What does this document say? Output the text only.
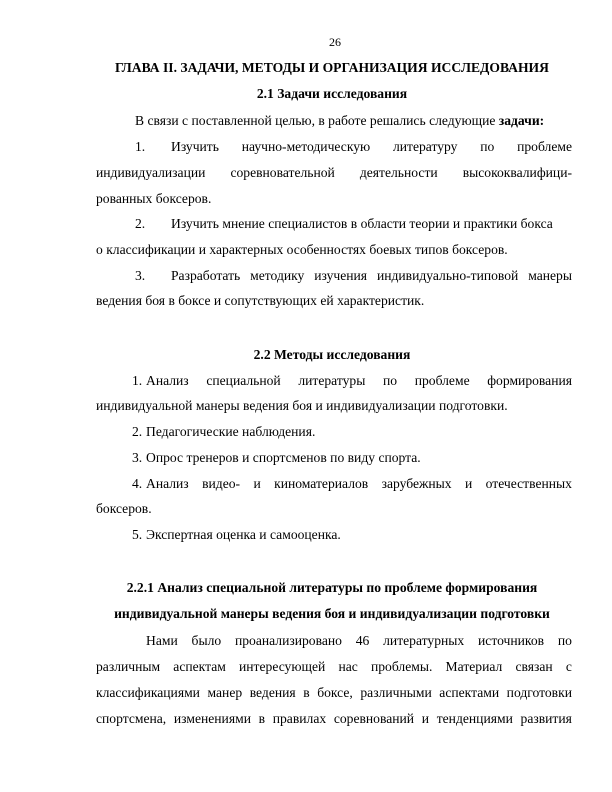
26
ГЛАВА II. ЗАДАЧИ, МЕТОДЫ И ОРГАНИЗАЦИЯ ИССЛЕДОВАНИЯ
2.1 Задачи исследования
В связи с поставленной целью, в работе решались следующие задачи:
1. Изучить научно-методическую литературу по проблеме
индивидуализации соревновательной деятельности высококвалифици-
рованных боксеров.
2. Изучить мнение специалистов в области теории и практики бокса
о классификации и характерных особенностях боевых типов боксеров.
3. Разработать методику изучения индивидуально-типовой манеры
ведения боя в боксе и сопутствующих ей характеристик.
2.2 Методы исследования
1. Анализ специальной литературы по проблеме формирования
индивидуальной манеры ведения боя и индивидуализации подготовки.
2. Педагогические наблюдения.
3. Опрос тренеров и спортсменов по виду спорта.
4. Анализ видео- и киноматериалов зарубежных и отечественных
боксеров.
5. Экспертная оценка и самооценка.
2.2.1 Анализ специальной литературы по проблеме формирования
индивидуальной манеры ведения боя и индивидуализации подготовки
Нами было проанализировано 46 литературных источников по
различным аспектам интересующей нас проблемы. Материал связан с
классификациями манер ведения в боксе, различными аспектами подготовки
спортсмена, изменениями в правилах соревнований и тенденциями развития
